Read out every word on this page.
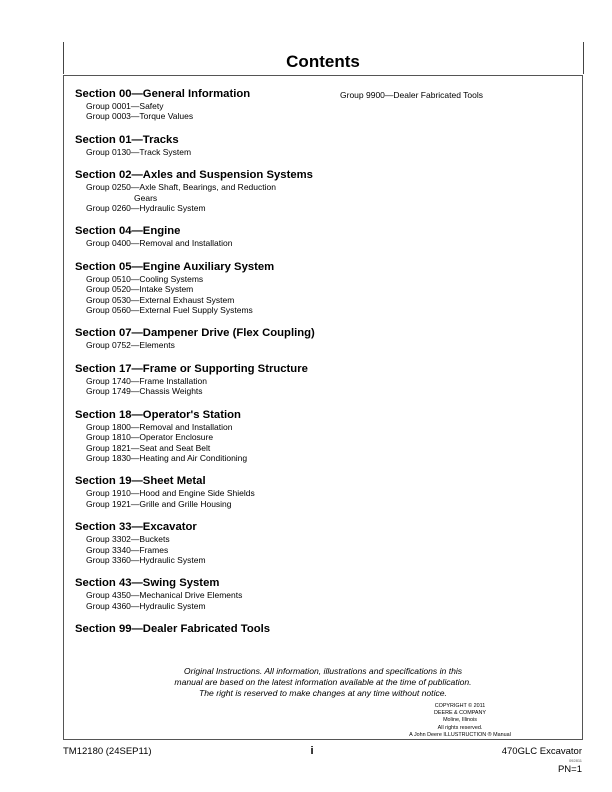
Contents
Section 00—General Information
Group 0001—Safety
Group 0003—Torque Values
Section 01—Tracks
Group 0130—Track System
Section 02—Axles and Suspension Systems
Group 0250—Axle Shaft, Bearings, and Reduction
Gears
Group 0260—Hydraulic System
Section 04—Engine
Group 0400—Removal and Installation
Section 05—Engine Auxiliary System
Group 0510—Cooling Systems
Group 0520—Intake System
Group 0530—External Exhaust System
Group 0560—External Fuel Supply Systems
Section 07—Dampener Drive (Flex Coupling)
Group 0752—Elements
Section 17—Frame or Supporting Structure
Group 1740—Frame Installation
Group 1749—Chassis Weights
Section 18—Operator's Station
Group 1800—Removal and Installation
Group 1810—Operator Enclosure
Group 1821—Seat and Seat Belt
Group 1830—Heating and Air Conditioning
Section 19—Sheet Metal
Group 1910—Hood and Engine Side Shields
Group 1921—Grille and Grille Housing
Section 33—Excavator
Group 3302—Buckets
Group 3340—Frames
Group 3360—Hydraulic System
Section 43—Swing System
Group 4350—Mechanical Drive Elements
Group 4360—Hydraulic System
Section 99—Dealer Fabricated Tools
Group 9900—Dealer Fabricated Tools
Original Instructions. All information, illustrations and specifications in this
manual are based on the latest information available at the time of publication.
The right is reserved to make changes at any time without notice.
COPYRIGHT © 2011
DEERE & COMPANY
Moline, Illinois
All rights reserved.
A John Deere ILLUSTRUCTION ® Manual
TM12180 (24SEP11)	i	470GLC Excavator
092811
PN=1
